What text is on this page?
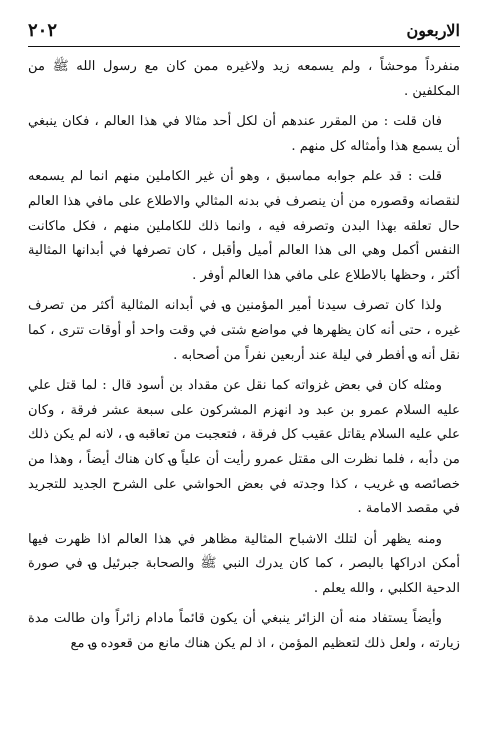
٢٠٢	الاربعون

منفرداً موحشاً ، ولم يسمعه زيد ولاغيره ممن كان مع رسول الله ﷺ من المكلفين .

فان قلت : من المقرر عندهم أن لكل أحد مثالا في هذا العالم ، فكان ينبغي أن يسمع هذا وأمثاله كل منهم .

قلت : قد علم جوابه مماسبق ، وهو أن غير الكاملين منهم انما لم يسمعه لنقصانه وقصوره من أن ينصرف في بدنه المثالي والاطلاع على مافي هذا العالم حال تعلقه بهذا البدن وتصرفه فيه ، وانما ذلك للكاملين منهم ، فكل ماكانت النفس أكمل وهي الى هذا العالم أميل وأقبل ، كان تصرفها في أبدانها المثالية أكثر ، وحظها بالاطلاع على مافي هذا العالم أوفر .

ولذا كان تصرف سيدنا أمير المؤمنين ؈ في أبدانه المثالية أكثر من تصرف غيره ، حتى أنه كان يظهرها في مواضع شتى في وقت واحد أو أوقات تترى ، كما نقل أنه ؈ أفطر في ليلة عند أربعين نفراً من أصحابه .

ومثله كان في بعض غزواته كما نقل عن مقداد بن أسود قال : لما قتل علي عليه السلام عمرو بن عبد ود انهزم المشركون على سبعة عشر فرقة ، وكان علي عليه السلام يقاتل عقيب كل فرقة ، فتعجبت من تعاقبه ؈ ، لانه لم يكن ذلك من دأبه ، فلما نظرت الى مقتل عمرو رأيت أن علياً ؈ كان هناك أيضاً ، وهذا من خصائصه ؈ غريب ، كذا وجدته في بعض الحواشي على الشرح الجديد للتجريد في مقصد الامامة .

ومنه يظهر أن لتلك الاشباح المثالية مظاهر في هذا العالم اذا ظهرت فيها أمكن ادراكها بالبصر ، كما كان يدرك النبي ﷺ والصحابة جبرئيل ؈ في صورة الدحية الكلبي ، والله يعلم .

وأيضاً يستفاد منه أن الزائر ينبغي أن يكون قائماً مادام زائراً وان طالت مدة زيارته ، ولعل ذلك لتعظيم المؤمن ، اذ لم يكن هناك مانع من قعوده ؈ مع
